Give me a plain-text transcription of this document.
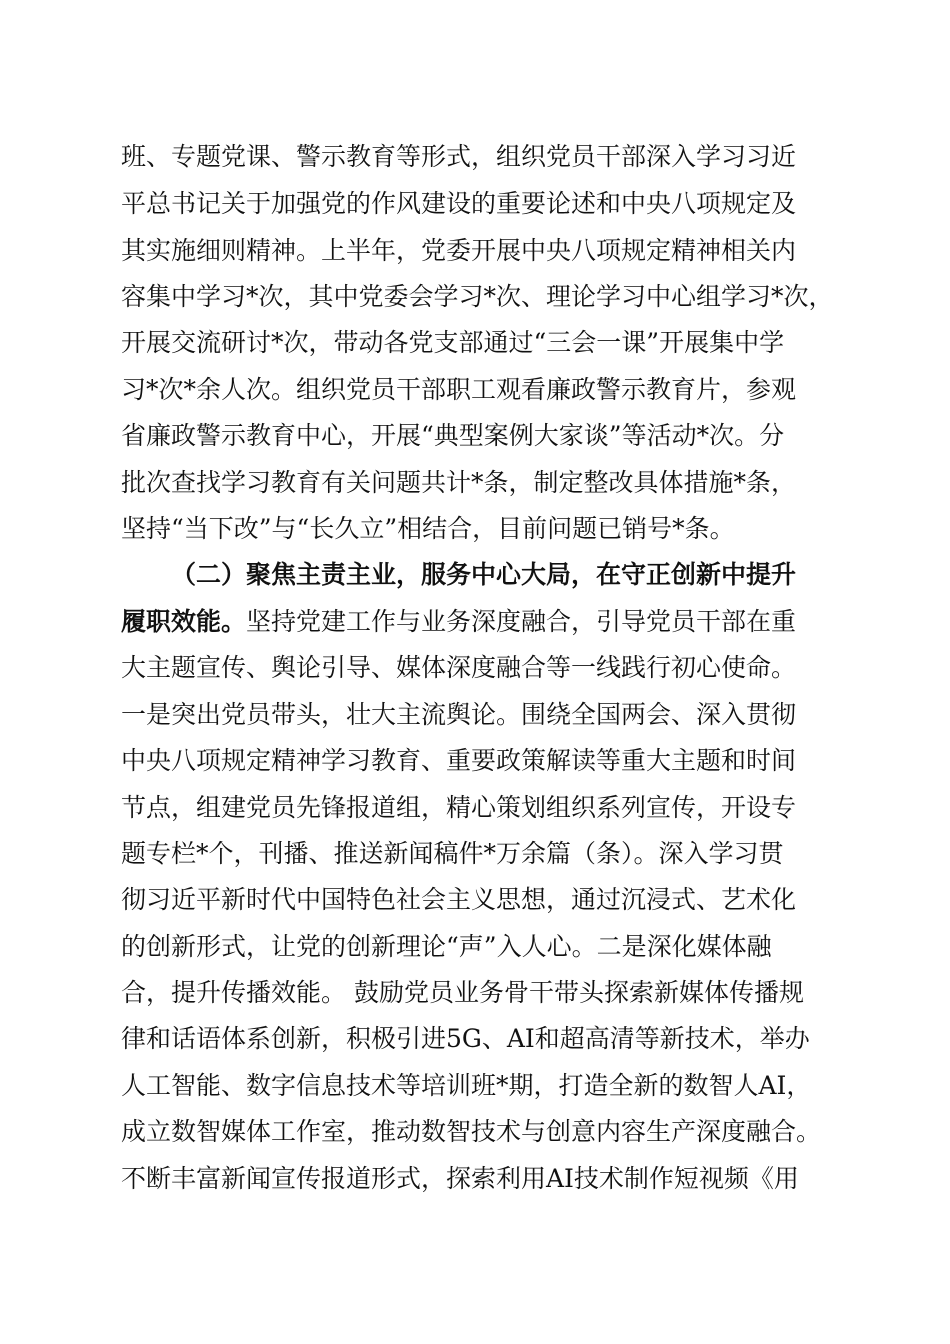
班、专题党课、警示教育等形式，组织党员干部深入学习习近
平总书记关于加强党的作风建设的重要论述和中央八项规定及
其实施细则精神。上半年，党委开展中央八项规定精神相关内
容集中学习*次，其中党委会学习*次、理论学习中心组学习*次，
开展交流研讨*次，带动各党支部通过“三会一课”开展集中学
习*次*余人次。组织党员干部职工观看廉政警示教育片，参观
省廉政警示教育中心，开展“典型案例大家谈”等活动*次。分
批次查找学习教育有关问题共计*条，制定整改具体措施*条，
坚持“当下改”与“长久立”相结合，目前问题已销号*条。
（二）聚焦主责主业，服务中心大局，在守正创新中提升
履职效能。坚持党建工作与业务深度融合，引导党员干部在重
大主题宣传、舆论引导、媒体深度融合等一线践行初心使命。
一是突出党员带头，壮大主流舆论。围绕全国两会、深入贯彻
中央八项规定精神学习教育、重要政策解读等重大主题和时间
节点，组建党员先锋报道组，精心策划组织系列宣传，开设专
题专栏*个，刊播、推送新闻稿件*万余篇（条）。深入学习贯
彻习近平新时代中国特色社会主义思想，通过沉浸式、艺术化
的创新形式，让党的创新理论“声”入人心。二是深化媒体融
合，提升传播效能。 鼓励党员业务骨干带头探索新媒体传播规
律和话语体系创新，积极引进5G、AI和超高清等新技术，举办
人工智能、数字信息技术等培训班*期，打造全新的数智人AI，
成立数智媒体工作室，推动数智技术与创意内容生产深度融合。
不断丰富新闻宣传报道形式，探索利用AI技术制作短视频《用
